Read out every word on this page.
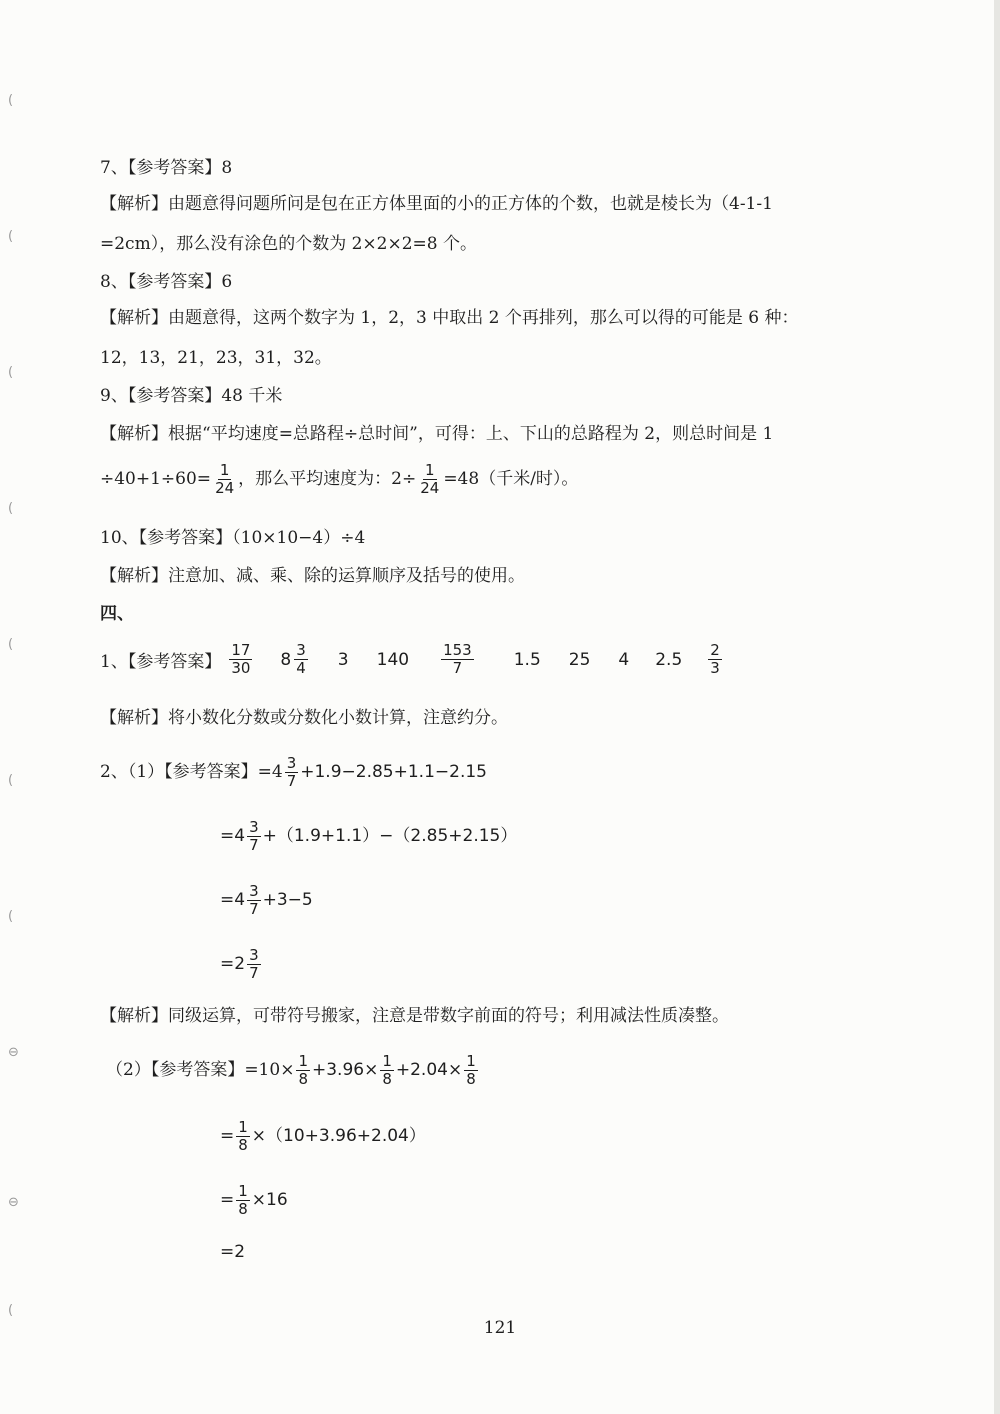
(
(
(
(
(
(
(
⊖
⊖
(
7、【参考答案】8
【解析】由题意得问题所问是包在正方体里面的小的正方体的个数，也就是棱长为（4-1-1
=2cm），那么没有涂色的个数为 2×2×2=8 个。
8、【参考答案】6
【解析】由题意得，这两个数字为 1，2，3 中取出 2 个再排列，那么可以得的可能是 6 种：
12，13，21，23，31，32。
9、【参考答案】48 千米
【解析】根据“平均速度=总路程÷总时间”，可得：上、下山的总路程为 2，则总时间是 1
$\div 40+1\div 60= \frac{1}{24}$ ，那么平均速度为：$2\div \frac{1}{24} =48$（千米/时）。
10、【参考答案】（10×10−4）÷4
【解析】注意加、减、乘、除的运算顺序及括号的使用。
四、
1、【参考答案】 $\frac{17}{30} 8 \frac{3}{4} 3$ $140 \frac{153}{7} 1.5$ 25 4 $2.5 \frac{2}{3}$
【解析】将小数化分数或分数化小数计算，注意约分。
2、（1）【参考答案】$=4 \frac{3}{7} +1.9-2.85+1.1-2.15$
$=4 \frac{3}{7} +(1.9+1.1)-(2.85+2.15)$
$=4 \frac{3}{7} +3-5$
$=2 \frac{3}{7}$
【解析】同级运算，可带符号搬家，注意是带数字前面的符号；利用减法性质凑整。
（2）【参考答案】$=10\times \frac{1}{8} +3.96\times \frac{1}{8} +2.04\times \frac{1}{8}$
= $\frac{1}{8} \times(10+3.96+2.04)$
= $\frac{1}{8} \times 16$
=2
121
